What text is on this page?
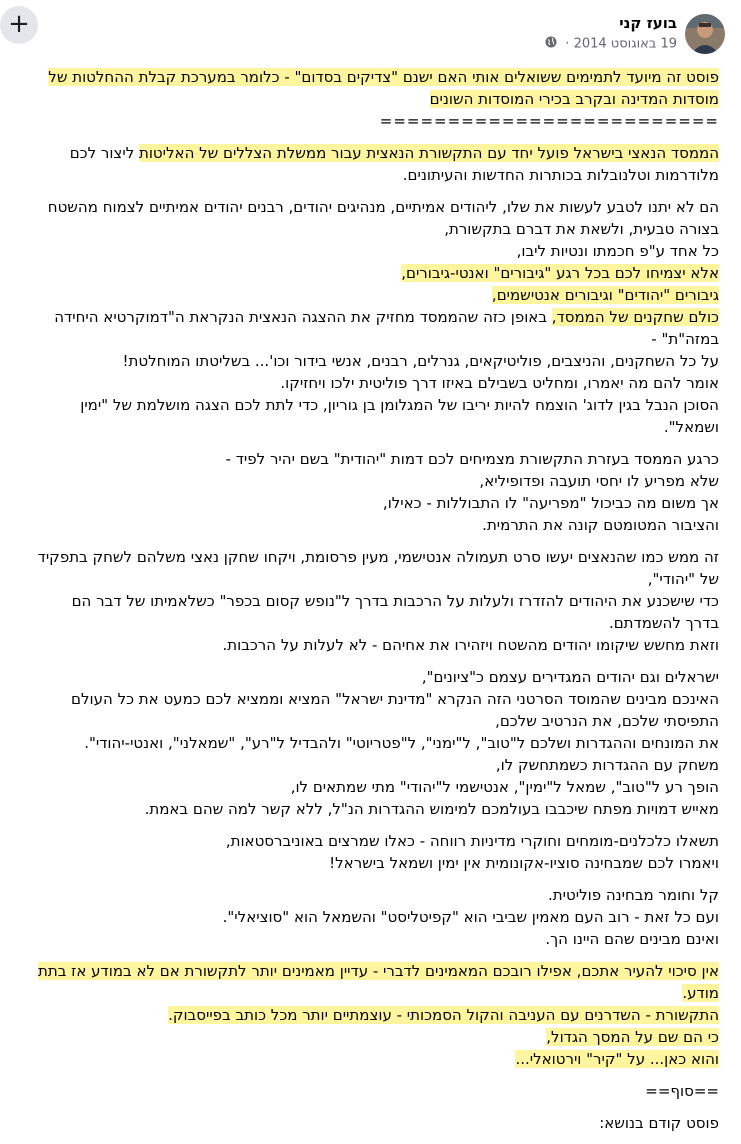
+	בועז קני
19 באוגוסט 2014 ·
פוסט זה מיועד לתמימים ששואלים אותי האם ישנם "צדיקים בסדום" - כלומר במערכת קבלת ההחלטות של
מוסדות המדינה ובקרב בכירי המוסדות השונים
=========================
הממסד הנאצי בישראל פועל יחד עם התקשורת הנאצית עבור ממשלת הצללים של האליטות ליצור לכם
מלודרמות וטלנובלות בכותרות החדשות והעיתונים.
הם לא יתנו לטבע לעשות את שלו, ליהודים אמיתיים, מנהיגים יהודים, רבנים יהודים אמיתיים לצמוח מהשטח
בצורה טבעית, ולשאת את דברם בתקשורת,
כל אחד ע"פ חכמתו ונטיות ליבו,
אלא יצמיחו לכם בכל רגע "גיבורים" ואנטי-גיבורים,
גיבורים "יהודים" וגיבורים אנטישמים,
כולם שחקנים של הממסד, באופן כזה שהממסד מחזיק את ההצגה הנאצית הנקראת ה"דמוקרטיא היחידה
במזה"ת" -
על כל השחקנים, והניצבים, פוליטיקאים, גנרלים, רבנים, אנשי בידור וכו'... בשליטתו המוחלטת!
אומר להם מה יאמרו, ומחליט בשבילם באיזו דרך פוליטית ילכו ויחזיקו.
הסוכן הנבל בגין לדוג' הוצמח להיות יריבו של המגלומן בן גוריון, כדי לתת לכם הצגה מושלמת של "ימין
ושמאל".
כרגע הממסד בעזרת התקשורת מצמיחים לכם דמות "יהודית" בשם יהיר לפיד -
שלא מפריע לו יחסי תועבה ופדופיליא,
אך משום מה כביכול "מפריעה" לו התבוללות - כאילו,
והציבור המטומטם קונה את התרמית.
זה ממש כמו שהנאצים יעשו סרט תעמולה אנטישמי, מעין פרסומת, ויקחו שחקן נאצי משלהם לשחק בתפקיד
של "יהודי",
כדי שישכנע את היהודים להזדרז ולעלות על הרכבות בדרך ל"נופש קסום בכפר" כשלאמיתו של דבר הם
בדרך להשמדתם.
וזאת מחשש שיקומו יהודים מהשטח ויזהירו את אחיהם - לא לעלות על הרכבות.
ישראלים וגם יהודים המגדירים עצמם כ"ציונים",
האינכם מבינים שהמוסד הסרטני הזה הנקרא "מדינת ישראל" המציא וממציא לכם כמעט את כל העולם
התפיסתי שלכם, את הנרטיב שלכם,
את המונחים וההגדרות ושלכם ל"טוב", ל"ימני", ל"פטריוטי" ולהבדיל ל"רע", "שמאלני", ואנטי-יהודי".
משחק עם ההגדרות כשמתחשק לו,
הופך רע ל"טוב", שמאל ל"ימין", אנטישמי ל"יהודי" מתי שמתאים לו,
מאייש דמויות מפתח שיכבבו בעולמכם למימוש ההגדרות הנ"ל, ללא קשר למה שהם באמת.
תשאלו כלכלנים-מומחים וחוקרי מדיניות רווחה - כאלו שמרצים באוניברסטאות,
ויאמרו לכם שמבחינה סוציו-אקונומית אין ימין ושמאל בישראל!
קל וחומר מבחינה פוליטית.
ועם כל זאת - רוב העם מאמין שביבי הוא "קפיטליסט" והשמאל הוא "סוציאלי".
ואינם מבינים שהם היינו הך.
אין סיכוי להעיר אתכם, אפילו רובכם המאמינים לדברי - עדיין מאמינים יותר לתקשורת אם לא במודע אז בתת
מודע.
התקשורת - השדרנים עם העניבה והקול הסמכותי - עוצמתיים יותר מכל כותב בפייסבוק.
כי הם שם על המסך הגדול,
והוא כאן... על "קיר" וירטואלי...
==סוף==
פוסט קודם בנושא:
